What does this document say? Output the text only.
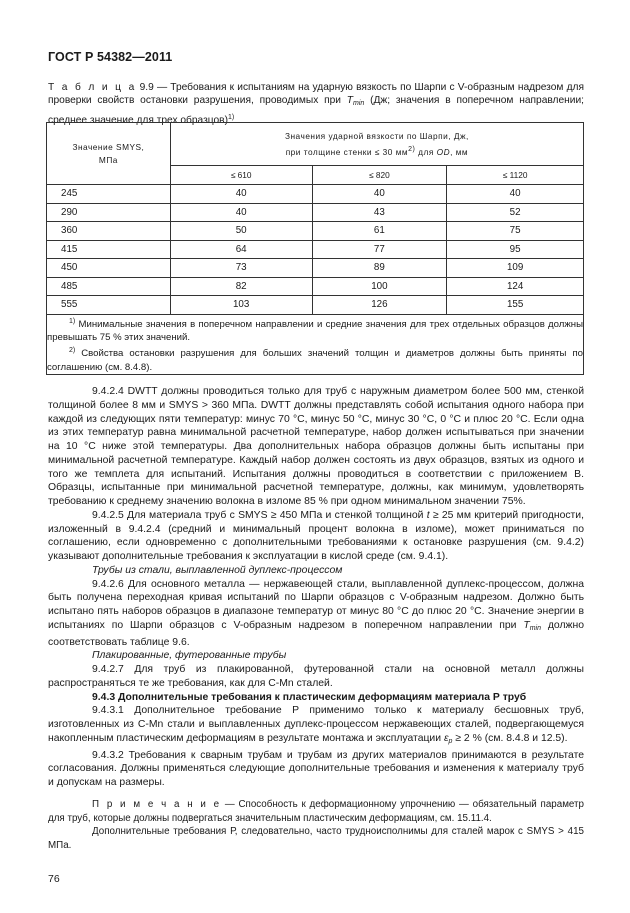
ГОСТ Р 54382—2011
Т а б л и ц а 9.9 — Требования к испытаниям на ударную вязкость по Шарпи с V-образным надрезом для проверки свойств остановки разрушения, проводимых при $T_{min}$ (Дж; значения в поперечном направлении; среднее значение для трех образцов)$^{1)}$
Значение SMYS,
МПа	Значения ударной вязкости по Шарпи, Дж,
при толщине стенки ≤ 30 $мм^{2)}$ для OD, мм		
	≤ 610	≤ 820	≤ 1120
245	40	40	40
290	40	43	52
360	50	61	75
415	64	77	95
450	73	89	109
485	82	100	124
555	103	126	155

$^{1)}$ Минимальные значения в поперечном направлении и средние значения для трех отдельных образцов должны превышать 75 % этих значений.

$^{2)}$ Свойства остановки разрушения для больших значений толщин и диаметров должны быть приняты по соглашению (см. 8.4.8).			

9.4.2.4 DWTT должны проводиться только для труб с наружным диаметром более 500 мм, стенкой толщиной более 8 мм и SMYS > 360 МПа. DWTT должны представлять собой испытания одного набора при каждой из следующих пяти температур: минус 70 °С, минус 50 °С, минус 30 °С, 0 °С и плюс 20 °С. Если одна из этих температур равна минимальной расчетной температуре, набор должен испытываться при значении на 10 °С ниже этой температуры. Два дополнительных набора образцов должны быть испытаны при минимальной расчетной температуре. Каждый набор должен состоять из двух образцов, взятых из одного и того же темплета для испытаний. Испытания должны проводиться в соответствии с приложением В. Образцы, испытанные при минимальной расчетной температуре, должны, как минимум, удовлетворять требованию к среднему значению волокна в изломе 85 % при одном минимальном значении 75%.

9.4.2.5 Для материала труб с SMYS ≥ 450 МПа и стенкой толщиной t ≥ 25 мм критерий пригодности, изложенный в 9.4.2.4 (средний и минимальный процент волокна в изломе), может приниматься по соглашению, если одновременно с дополнительными требованиями к остановке разрушения (см. 9.4.2) указывают дополнительные требования к эксплуатации в кислой среде (см. 9.4.1).

Трубы из стали, выплавленной дуплекс-процессом

9.4.2.6 Для основного металла — нержавеющей стали, выплавленной дуплекс-процессом, должна быть получена переходная кривая испытаний по Шарпи образцов с V-образным надрезом. Должно быть испытано пять наборов образцов в диапазоне температур от минус 80 °С до плюс 20 °С. Значение энергии в испытаниях по Шарпи образцов с V-образным надрезом в поперечном направлении при $T_{min}$ должно соответствовать таблице 9.6.

Плакированные, футерованные трубы

9.4.2.7 Для труб из плакированной, футерованной стали на основной металл должны распространяться те же требования, как для С-Mn сталей.

9.4.3 Дополнительные требования к пластическим деформациям материала Р труб

9.4.3.1 Дополнительное требование Р применимо только к материалу бесшовных труб, изготовленных из С-Mn стали и выплавленных дуплекс-процессом нержавеющих сталей, подвергающемуся накопленным пластическим деформациям в результате монтажа и эксплуатации $\varepsilon_p \ge 2$ % (см. 8.4.8 и 12.5).

9.4.3.2 Требования к сварным трубам и трубам из других материалов принимаются в результате согласования. Должны применяться следующие дополнительные требования и изменения к материалу труб и допускам на размеры.

П р и м е ч а н и е — Способность к деформационному упрочнению — обязательный параметр для труб, которые должны подвергаться значительным пластическим деформациям, см. 15.11.4.

Дополнительные требования Р, следовательно, часто трудноисполнимы для сталей марок с SMYS > 415 МПа.

76
